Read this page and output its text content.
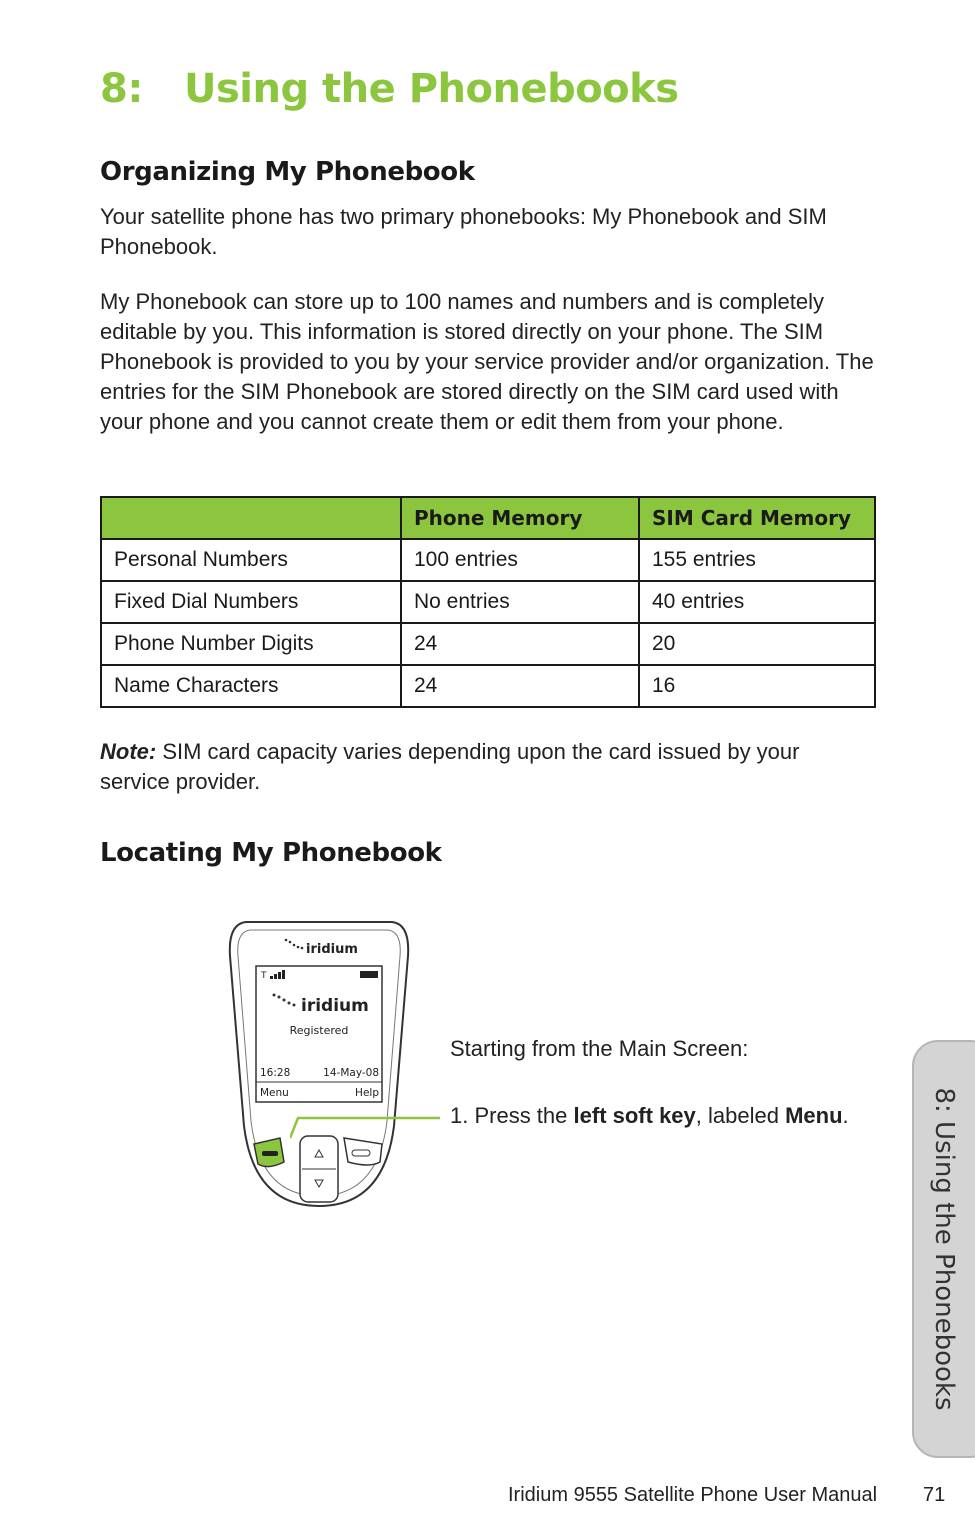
8: Using the Phonebooks
Organizing My Phonebook

Your satellite phone has two primary phonebooks: My Phonebook and SIM Phonebook.

My Phonebook can store up to 100 names and numbers and is completely editable by you. This information is stored directly on your phone. The SIM Phonebook is provided to you by your service provider and/or organization. The entries for the SIM Phonebook are stored directly on the SIM card used with your phone and you cannot create them or edit them from your phone.

	Phone Memory	SIM Card Memory
Personal Numbers	100 entries	155 entries
Fixed Dial Numbers	No entries	40 entries
Phone Number Digits	24	20
Name Characters	24	16

Note: SIM card capacity varies depending upon the card issued by your service provider.

Locating My Phonebook
iridium
T
iridium
Registered
16:28	14-May-08
Menu	Help
Starting from the Main Screen:
1. Press the left soft key, labeled Menu.	8: Using the Phonebooks
Iridium 9555 Satellite Phone User Manual 71
